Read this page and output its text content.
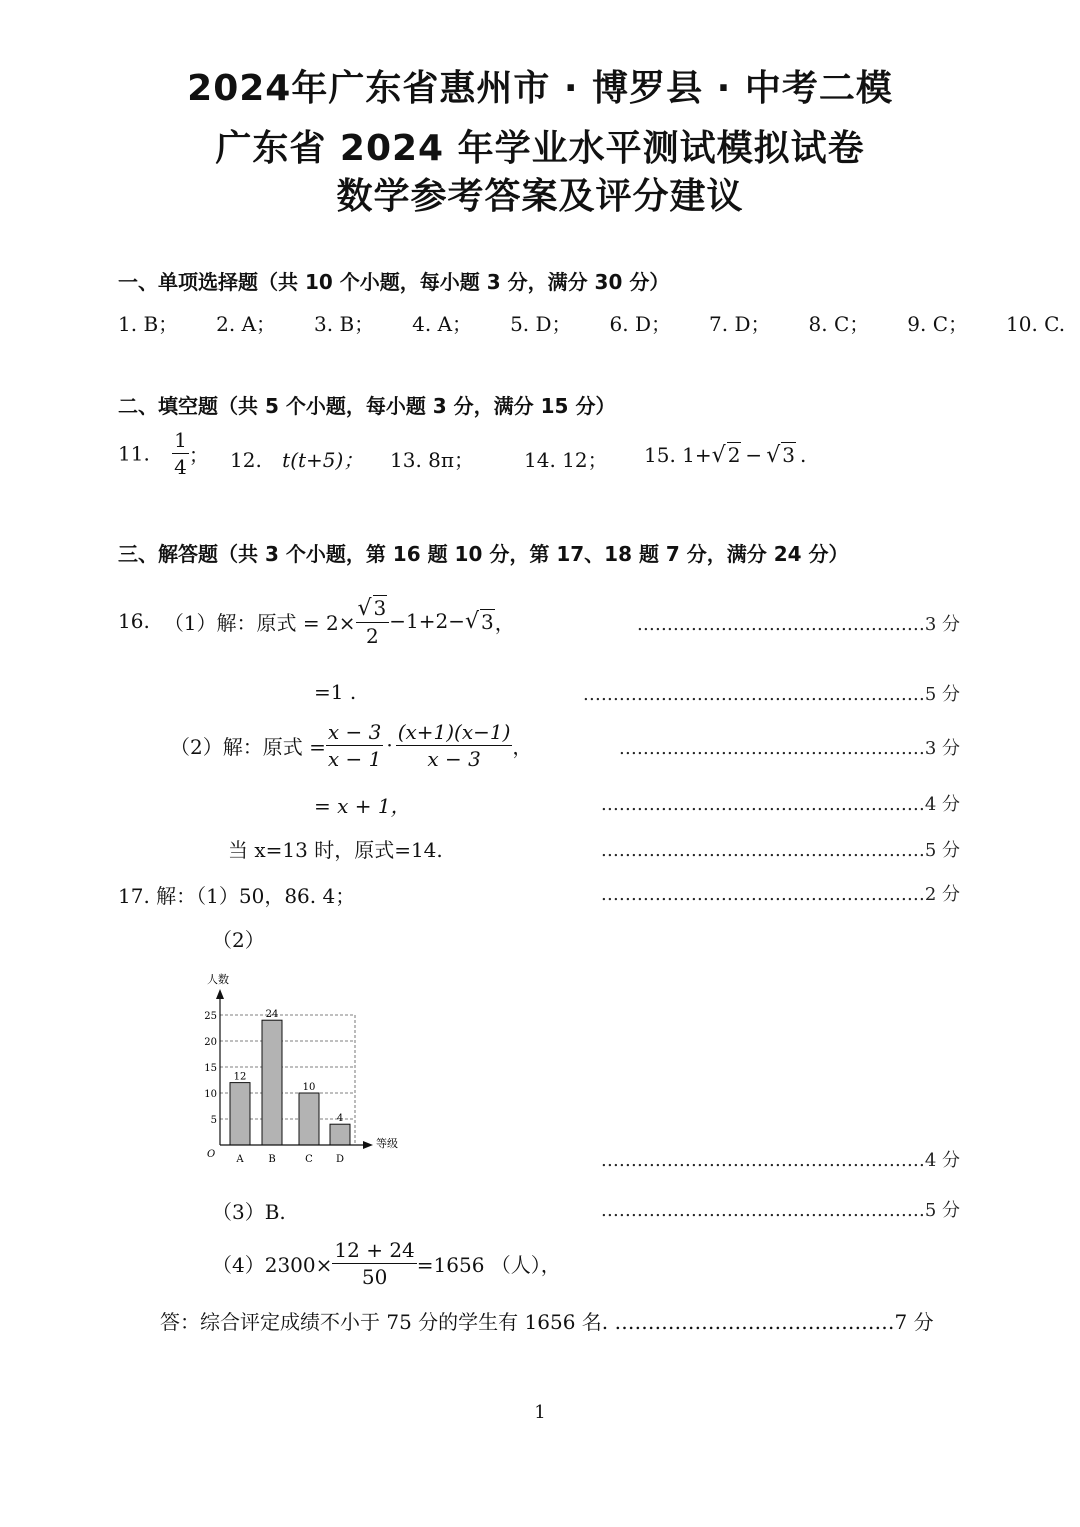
2024年广东省惠州市 · 博罗县 · 中考二模
广东省 2024 年学业水平测试模拟试卷
数学参考答案及评分建议
一、单项选择题（共 10 个小题，每小题 3 分，满分 30 分）
1. B； 2. A； 3. B； 4. A； 5. D； 6. D； 7. D； 8. C； 9. C； 10. C.
二、填空题（共 5 个小题，每小题 3 分，满分 15 分）
11. $\frac{1}{4}$ ； 12. t(t+5)； 13. 8π； 14. 12； 15. 1+√ 2 − √ 3 .
三、解答题（共 3 个小题，第 16 题 10 分，第 17、18 题 7 分，满分 24 分）
16. （1）解：原式 = $2\times \frac{√ 3}{2} -1+2-$ √ 3 ，	…………………………………………3 分
=1 .	…………………………………………………5 分
（2）解：原式 = $\frac{x - 3}{x - 1} \cdot \frac{(x+1)(x-1)}{x - 3}$ ，	……………………………………………3 分
= x + 1，	………………………………………………4 分
当 x=13 时，原式=14.	………………………………………………5 分
17. 解：（1）50，86. 4；	………………………………………………2 分
（2）
5
10
15
20
25
12
A
24
B
10
C
4
D
人数
等级
O	………………………………………………4 分
（3）B.	………………………………………………5 分
$(4)2300\times \frac{12 + 24}{50} =1656$ （人），
答：综合评定成绩不小于 75 分的学生有 1656 名. ……………………………………7 分
1
